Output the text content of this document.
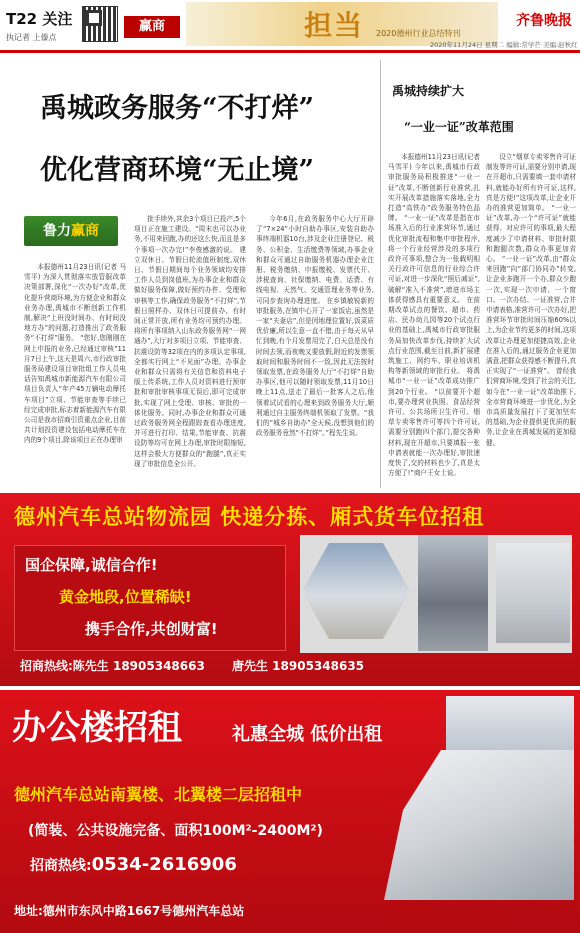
T22 关注
执记者 上傣点
赢商	担当 2020德州行业总结特刊
齐鲁晚报
2020年11月24日 星期二 编辑:常学芒 美编:赵秋红
禹城政务服务“不打烊”
优化营商环境“无止境”
禹城持续扩大
“一业一证”改革范围
鲁力赢商

本报德州11月23日讯(记者 马雪平) 为深入贯彻落实放管服改革决策部署,深化“一次办好”改革,优化提升营商环境,为方便企业和群众业务办理,禹城市不断创新工作机制,解决“上班没时间办、有时间没地方办”的问题,打造推出了政务服务“不打烊”服务。 “您好,您刚刚在网上申报的业务,已经通过审核”11月7日上午,这天是周六,市行政审批服务局建设项目审批组工作人员电话告知禹城市新能源汽车有限公司项目负责人“年产45万辆电动摩托车项目”立项、节能审查等手续已经完成审批,标志着新能源汽车有限公司是我市招商引资重点企业,目前共计划投资建设包括电动摩托车在内的9个项目,除该项目正在办理审

批手续外,其余3个项目已投产,5个项目正在施工建设。“周末也可以办业务,不用来回跑,办的还这么快,而且是多个事项一次办完!”李俊感激的说。 建立双休日、节假日轮流值班制度,双休日、节假日期间每个业务领域均安排工作人员到岗值班,为办事企业和群众做好服务保障,做好预约办件、受理和审核等工作,确保政务服务“不打烊”,节假日照样办、双休日可提前办、有时间正常开放,所有业务均可预约办理。 将所有事项纳入山东政务服务网“一网通办”,大厅对多项日立项、节能审查、抗震设防等32项在内的多项认定事项,全都实行网上“不见面”办理。办事企业和群众只需将有关信息和资料电子版上传系统,工作人员对资料进行预审批和审批审核事项无误后,即可完成审批,实现了网上受理、审核、审批的一体化服务。同时,办事企业和群众可通过政务服务网全程跟踪查看办理进度,并可进行打印、结果,节能审查、抗震设防等均可在网上办理,审批时限缩短,这样会极大方便群众的“跑腿”,真正实现了审批信息全公开。

今年6月,在政务服务中心大厅开辟了“7×24”小时自助办事区,安装自助办事终端机器10台,涉及企业注册登记、税务、公积金、生活缴费等领域,办事企业和群众可通过自助服务机器办理企业注册、税务缴纳、申报缴税、发票代开、涉税查询、社保缴纳、电费、话费、有线电视、天然气、交通管理业务等业务,可同步查询办理进度。 在乡镇敏锐新的审批服务,在镇中心开了一家饭店,虽然是一家“夫妻店”,但是因地理位置好,饭菜质优价廉,所以生意一直不错,由于每天从早忙到晚,有个月发票用完了,白天总是没有时间去领,而夜晚又要放假,附近的发票领取时间和服务时间不一致,因此无法按时领取发票,在政务服务大厅“不打烊”自助办事区,他可以随时领取发票,11月10日晚上11点,送走了最后一批客人之后,他领着试试看的心理来到政务服务大厅,顺利通过自主服务终端机领取了发票。“我们的“城乡自助办”全天候,没想到他们的政务服务竟然“不打烊”。”程先生说。

本报德州11月23日讯(记者 马雪平) 今年以来,禹城市行政审批服务局积极推进“一业一证”改革,不断创新行业准营,扎实开展改革措施落实落地,全力打造“高铁办”政务服务特色品牌。 “一业一证”改革是指在市场准入后的行业准营环节,通过优化审批流程和集中审批程序,将一个行业经营涉及的多项行政许可事项,整合为一张载明相关行政许可信息的行业综合许可证,对进一步深化“照后减证”,破解“准入不准营”,增进市场主体获得感具有重要意义。 在前期改革试点的餐饮、超市、药店、民办幼儿园等20个试点行业的基础上,禹城市行政审批服务局加快改革步伐,持续扩大试点行业范围,截至目前,新扩展建筑施工、网约车、职业培训机构等新领域的审批行业。 将禹城市“一业一证”改革成功推广到20个行业。 “以前要开个超市,要办理营业执照、食品经营许可、公共场所卫生许可、烟草专卖零售许可等四个许可证,需要分别跑四个部门,提交各种材料,现在开超市,只要填报一张申请表就能一次办理好,审批速度快了,交的材料也少了,真是太方便了!”商户王女士说。

设立“烟草专卖零售许可证制发等许可证,需要分别申请,现在开超市,只需要填一套申请材料,就能办好所有许可证,这样,真是方便!”这项改革,让企业开办的准营更加简单。 “一业一证”改革,办一个“许可证”就能获得、对应许可的事项,最大程度减少了申请材料、审批时限和跑腿次数,群众办事更加省心。 “一业一证”改革,由“群众来回跑”向“部门协同办”转变,让企业多跑开一个办,群众少跑一次,实现一次申请、一个窗口、一次办结、一证准营,合并申请表格,准营许可一次办好,把准营环节审批时间压缩60%以上,为企业节约更多的时间,这项改革让办理更加便捷高效,企业在准入后的,通过服务企业更加满意,把群众获得感不断提升,真正实现了“一证准营”。 曾经我们营商环境,受到了社会的关注,如今在“一业一证”改革助推下,全市营商环境进一步优化,为全市高质量发展打下了更加坚实的基础,为企业提供更优质的服务,让企业在禹城发展的更加稳健。

德州汽车总站物流园 快递分拣、厢式货车位招租
国企保障,诚信合作!
黄金地段,位置稀缺!
携手合作,共创财富!
招商热线:陈先生 18905348663 唐先生 18905348635
办公楼招租	礼惠全城 低价出租
德州汽车总站南翼楼、北翼楼二层招租中
(简装、公共设施完备、面积100M²-2400M²)
招商热线:0534-2616906
地址:德州市东风中路1667号德州汽车总站
